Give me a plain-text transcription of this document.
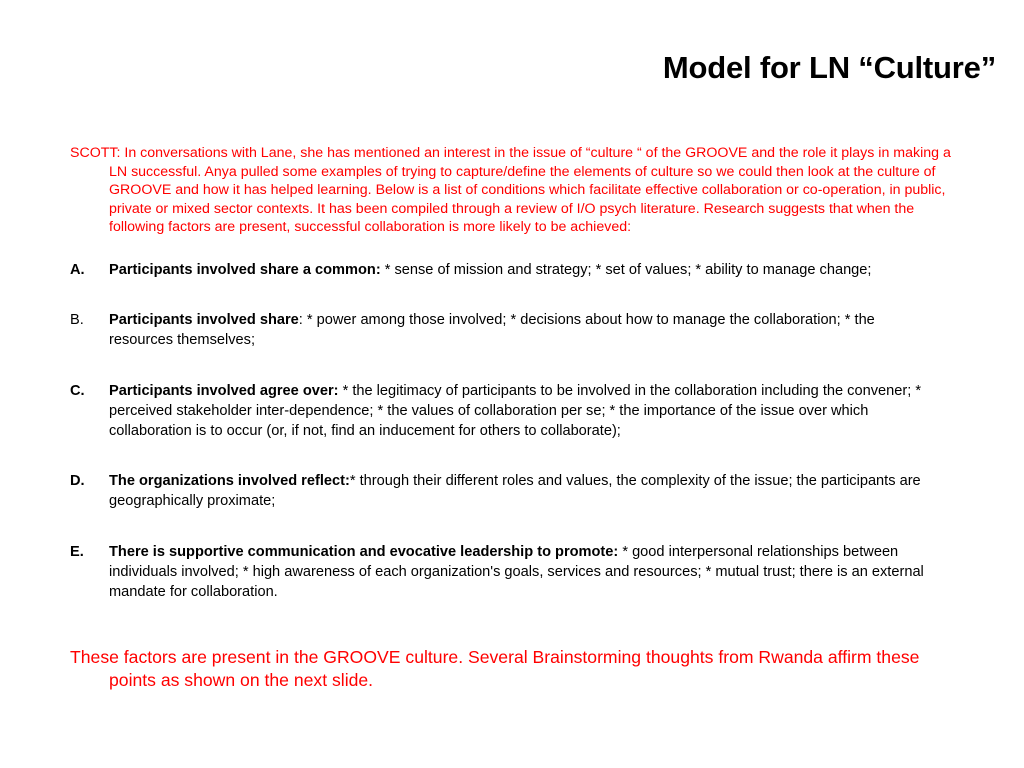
Model for LN “Culture”
SCOTT: In conversations with Lane, she has mentioned an interest in the issue of “culture “ of the GROOVE and the role it plays in making a LN successful. Anya pulled some examples of trying to capture/define the elements of culture so we could then look at the culture of GROOVE and how it has helped learning. Below is a list of conditions which facilitate effective collaboration or co-operation, in public, private or mixed sector contexts. It has been compiled through a review of I/O psych literature. Research suggests that when the following factors are present, successful collaboration is more likely to be achieved:
A.	Participants involved share a common: * sense of mission and strategy; * set of values; * ability to manage change;
B.	Participants involved share: * power among those involved; * decisions about how to manage the collaboration; * the resources themselves;
C.	Participants involved agree over: * the legitimacy of participants to be involved in the collaboration including the convener; * perceived stakeholder inter-dependence; * the values of collaboration per se; * the importance of the issue over which collaboration is to occur (or, if not, find an inducement for others to collaborate);
D.	The organizations involved reflect:* through their different roles and values, the complexity of the issue; the participants are geographically proximate;
E.	There is supportive communication and evocative leadership to promote: * good interpersonal relationships between individuals involved; * high awareness of each organization's goals, services and resources; * mutual trust; there is an external mandate for collaboration.
These factors are present in the GROOVE culture. Several Brainstorming thoughts from Rwanda affirm these points as shown on the next slide.
